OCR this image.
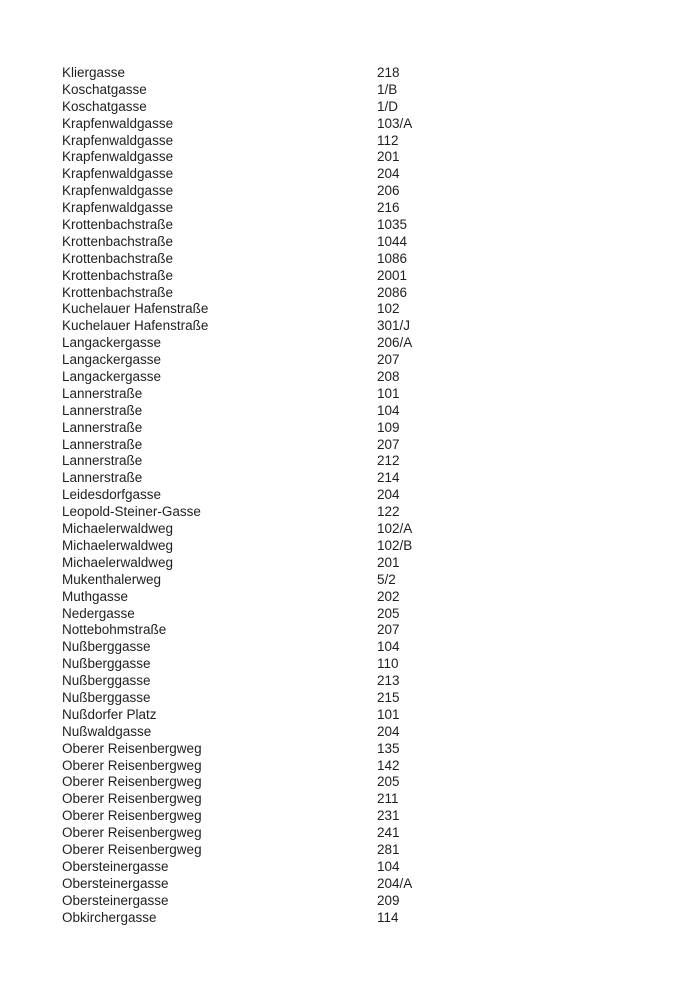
Kliergasse	218
Koschatgasse	1/B
Koschatgasse	1/D
Krapfenwaldgasse	103/A
Krapfenwaldgasse	112
Krapfenwaldgasse	201
Krapfenwaldgasse	204
Krapfenwaldgasse	206
Krapfenwaldgasse	216
Krottenbachstraße	1035
Krottenbachstraße	1044
Krottenbachstraße	1086
Krottenbachstraße	2001
Krottenbachstraße	2086
Kuchelauer Hafenstraße	102
Kuchelauer Hafenstraße	301/J
Langackergasse	206/A
Langackergasse	207
Langackergasse	208
Lannerstraße	101
Lannerstraße	104
Lannerstraße	109
Lannerstraße	207
Lannerstraße	212
Lannerstraße	214
Leidesdorfgasse	204
Leopold-Steiner-Gasse	122
Michaelerwaldweg	102/A
Michaelerwaldweg	102/B
Michaelerwaldweg	201
Mukenthalerweg	5/2
Muthgasse	202
Nedergasse	205
Nottebohmstraße	207
Nußberggasse	104
Nußberggasse	110
Nußberggasse	213
Nußberggasse	215
Nußdorfer Platz	101
Nußwaldgasse	204
Oberer Reisenbergweg	135
Oberer Reisenbergweg	142
Oberer Reisenbergweg	205
Oberer Reisenbergweg	211
Oberer Reisenbergweg	231
Oberer Reisenbergweg	241
Oberer Reisenbergweg	281
Obersteinergasse	104
Obersteinergasse	204/A
Obersteinergasse	209
Obkirchergasse	114
